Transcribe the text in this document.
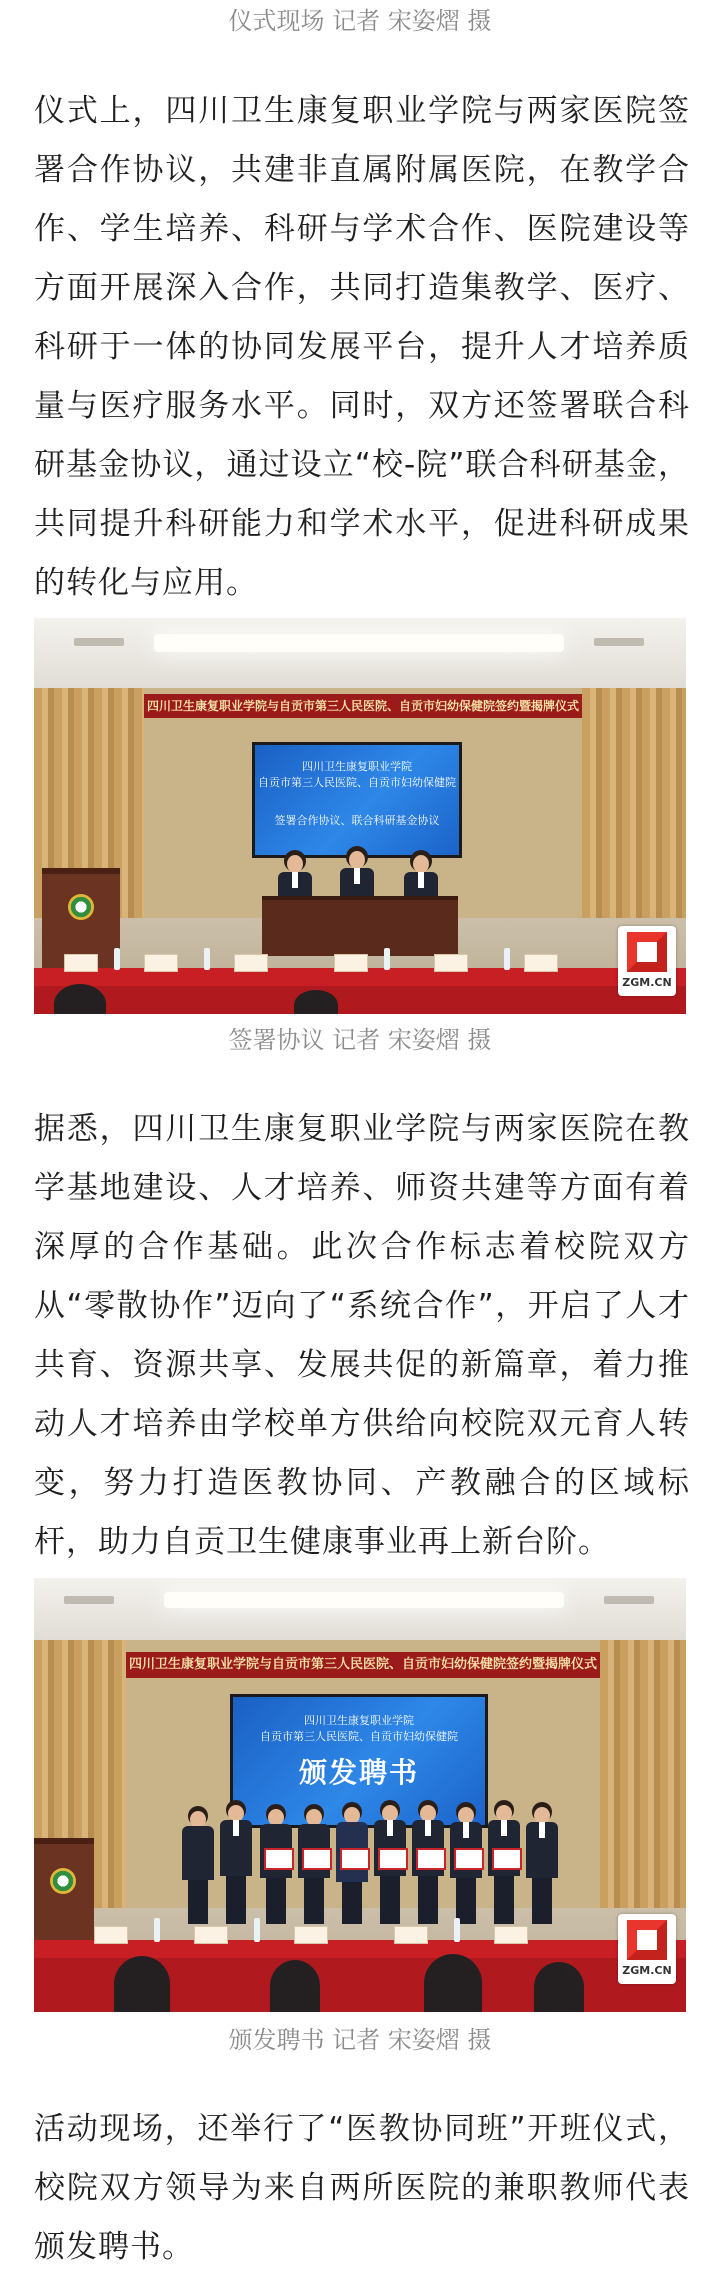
仪式现场 记者 宋姿熠 摄
仪式上，四川卫生康复职业学院与两家医院签署合作协议，共建非直属附属医院，在教学合作、学生培养、科研与学术合作、医院建设等方面开展深入合作，共同打造集教学、医疗、科研于一体的协同发展平台，提升人才培养质量与医疗服务水平。同时，双方还签署联合科研基金协议，通过设立“校-院”联合科研基金，共同提升科研能力和学术水平，促进科研成果的转化与应用。
四川卫生康复职业学院与自贡市第三人民医院、自贡市妇幼保健院签约暨揭牌仪式
四川卫生康复职业学院
自贡市第三人民医院、自贡市妇幼保健院
签署合作协议、联合科研基金协议
ZGM.CN
签署协议 记者 宋姿熠 摄
据悉，四川卫生康复职业学院与两家医院在教学基地建设、人才培养、师资共建等方面有着深厚的合作基础。此次合作标志着校院双方从“零散协作”迈向了“系统合作”，开启了人才共育、资源共享、发展共促的新篇章，着力推动人才培养由学校单方供给向校院双元育人转变，努力打造医教协同、产教融合的区域标杆，助力自贡卫生健康事业再上新台阶。
四川卫生康复职业学院与自贡市第三人民医院、自贡市妇幼保健院签约暨揭牌仪式
四川卫生康复职业学院
自贡市第三人民医院、自贡市妇幼保健院
颁发聘书
ZGM.CN
颁发聘书 记者 宋姿熠 摄
活动现场，还举行了“医教协同班”开班仪式，校院双方领导为来自两所医院的兼职教师代表颁发聘书。
